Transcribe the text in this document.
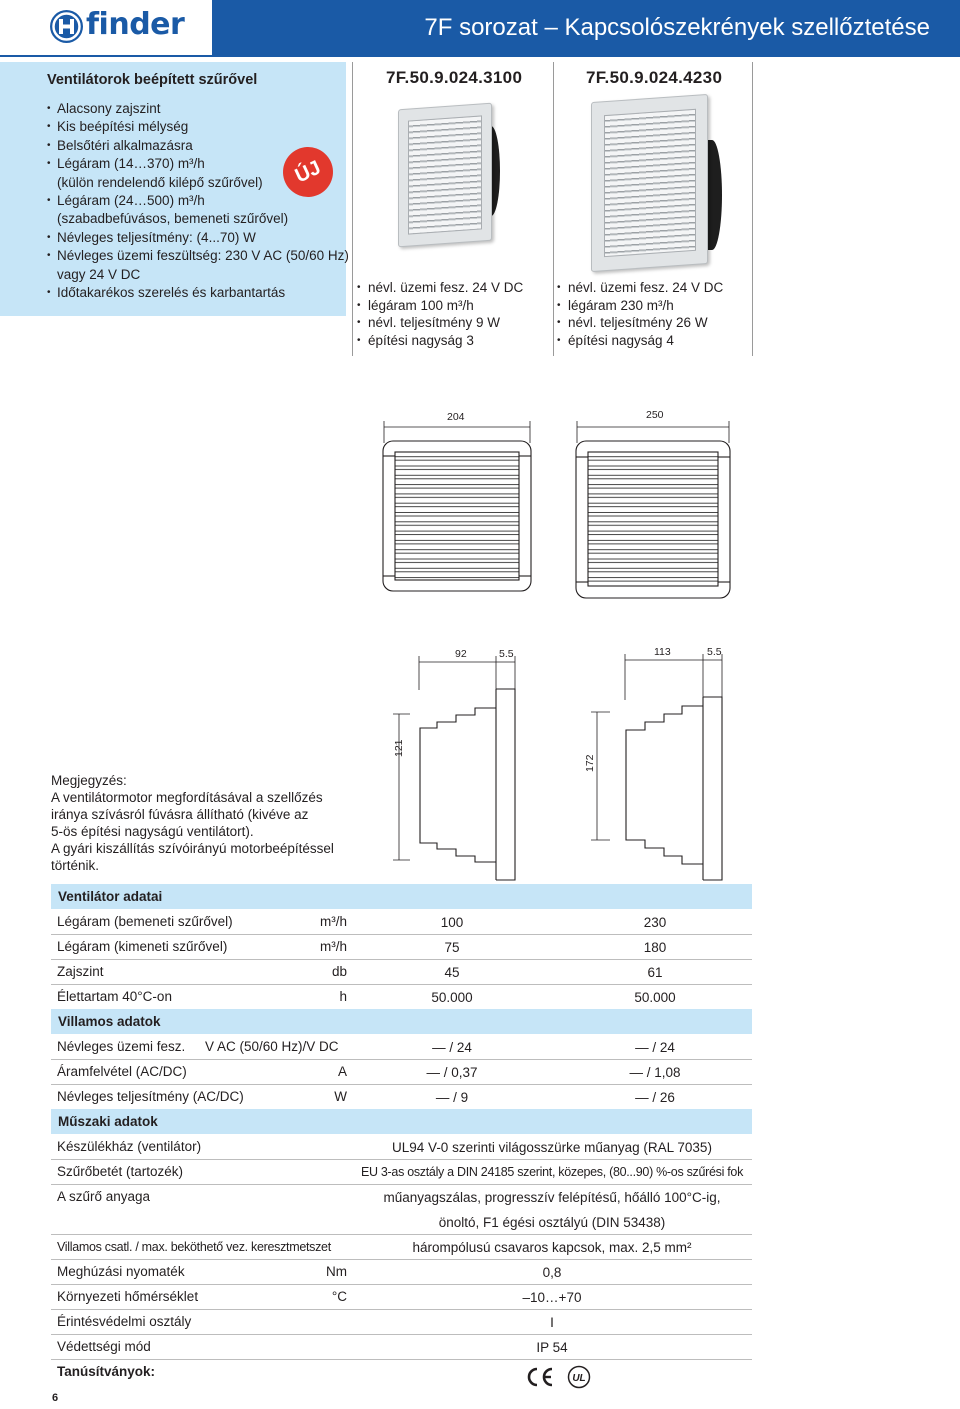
finder	7F sorozat – Kapcsolószekrények szellőztetése
Ventilátorok beépített szűrővel
• Alacsony zajszint
• Kis beépítési mélység
• Belsőtéri alkalmazásra
• Légáram (14…370) m³/h
(külön rendelendő kilépő szűrővel)
• Légáram (24…500) m³/h
(szabadbefúvásos, bemeneti szűrővel)
• Névleges teljesítmény: (4...70) W
• Névleges üzemi feszültség: 230 V AC (50/60 Hz)
vagy 24 V DC
• Időtakarékos szerelés és karbantartás
ÚJ
7F.50.9.024.3100	7F.50.9.024.4230
• névl. üzemi fesz. 24 V DC
• légáram 100 m³/h
• névl. teljesítmény 9 W
• építési nagyság 3
• névl. üzemi fesz. 24 V DC
• légáram 230 m³/h
• névl. teljesítmény 26 W
• építési nagyság 4
204	250
92	5.5	113	5.5
121
172
Megjegyzés:
A ventilátormotor megfordításával a szellőzés
iránya szívásról fúvásra állítható (kivéve az
5-ös építési nagyságú ventilátort).
A gyári kiszállítás szívóirányú motorbeépítéssel
történik.
Ventilátor adatai
Légáram (bemeneti szűrővel)	m³/h	100	230
Légáram (kimeneti szűrővel)	m³/h	75	180
Zajszint	db	45	61
Élettartam 40°C-on	h	50.000	50.000
Villamos adatok
Névleges üzemi fesz. V AC (50/60 Hz)/V DC	— / 24	— / 24
Áramfelvétel (AC/DC)	A	— / 0,37	— / 1,08
Névleges teljesítmény (AC/DC)	W	— / 9	— / 26
Műszaki adatok
Készülékház (ventilátor)	UL94 V-0 szerinti világosszürke műanyag (RAL 7035)
Szűrőbetét (tartozék)	EU 3-as osztály a DIN 24185 szerint, közepes, (80...90) %-os szűrési fok
A szűrő anyaga	műanyagszálas, progresszív felépítésű, hőálló 100°C-ig,
önoltó, F1 égési osztályú (DIN 53438)
Villamos csatl. / max. beköthető vez. keresztmetszet	hárompólusú csavaros kapcsok, max. 2,5 mm²
Meghúzási nyomaték	Nm	0,8
Környezeti hőmérséklet	°C	–10…+70
Érintésvédelmi osztály	I
Védettségi mód	IP 54
Tanúsítványok:	UL
6
